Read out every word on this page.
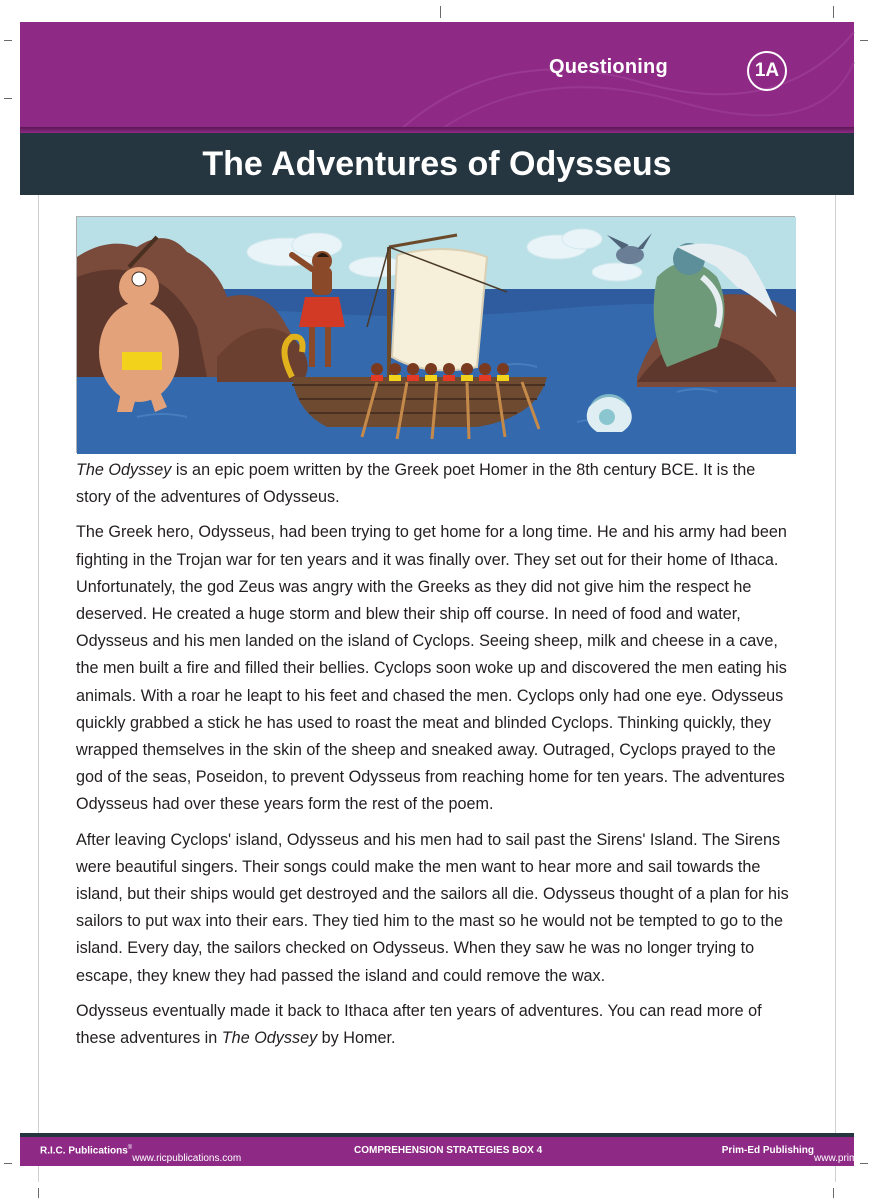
Questioning	1A
The Adventures of Odysseus

The Odyssey is an epic poem written by the Greek poet Homer in the 8th century BCE. It is the story of the adventures of Odysseus.

The Greek hero, Odysseus, had been trying to get home for a long time. He and his army had been fighting in the Trojan war for ten years and it was finally over. They set out for their home of Ithaca. Unfortunately, the god Zeus was angry with the Greeks as they did not give him the respect he deserved. He created a huge storm and blew their ship off course. In need of food and water, Odysseus and his men landed on the island of Cyclops. Seeing sheep, milk and cheese in a cave, the men built a fire and filled their bellies. Cyclops soon woke up and discovered the men eating his animals. With a roar he leapt to his feet and chased the men. Cyclops only had one eye. Odysseus quickly grabbed a stick he has used to roast the meat and blinded Cyclops. Thinking quickly, they wrapped themselves in the skin of the sheep and sneaked away. Outraged, Cyclops prayed to the god of the seas, Poseidon, to prevent Odysseus from reaching home for ten years. The adventures Odysseus had over these years form the rest of the poem.

After leaving Cyclops' island, Odysseus and his men had to sail past the Sirens' Island. The Sirens were beautiful singers. Their songs could make the men want to hear more and sail towards the island, but their ships would get destroyed and the sailors all die. Odysseus thought of a plan for his sailors to put wax into their ears. They tied him to the mast so he would not be tempted to go to the island. Every day, the sailors checked on Odysseus. When they saw he was no longer trying to escape, they knew they had passed the island and could remove the wax.

Odysseus eventually made it back to Ithaca after ten years of adventures. You can read more of these adventures in The Odyssey by Homer.

R.I.C. Publications®
www.ricpublications.com
COMPREHENSION STRATEGIES BOX 4	Prim-Ed Publishing
www.prim-ed.com
